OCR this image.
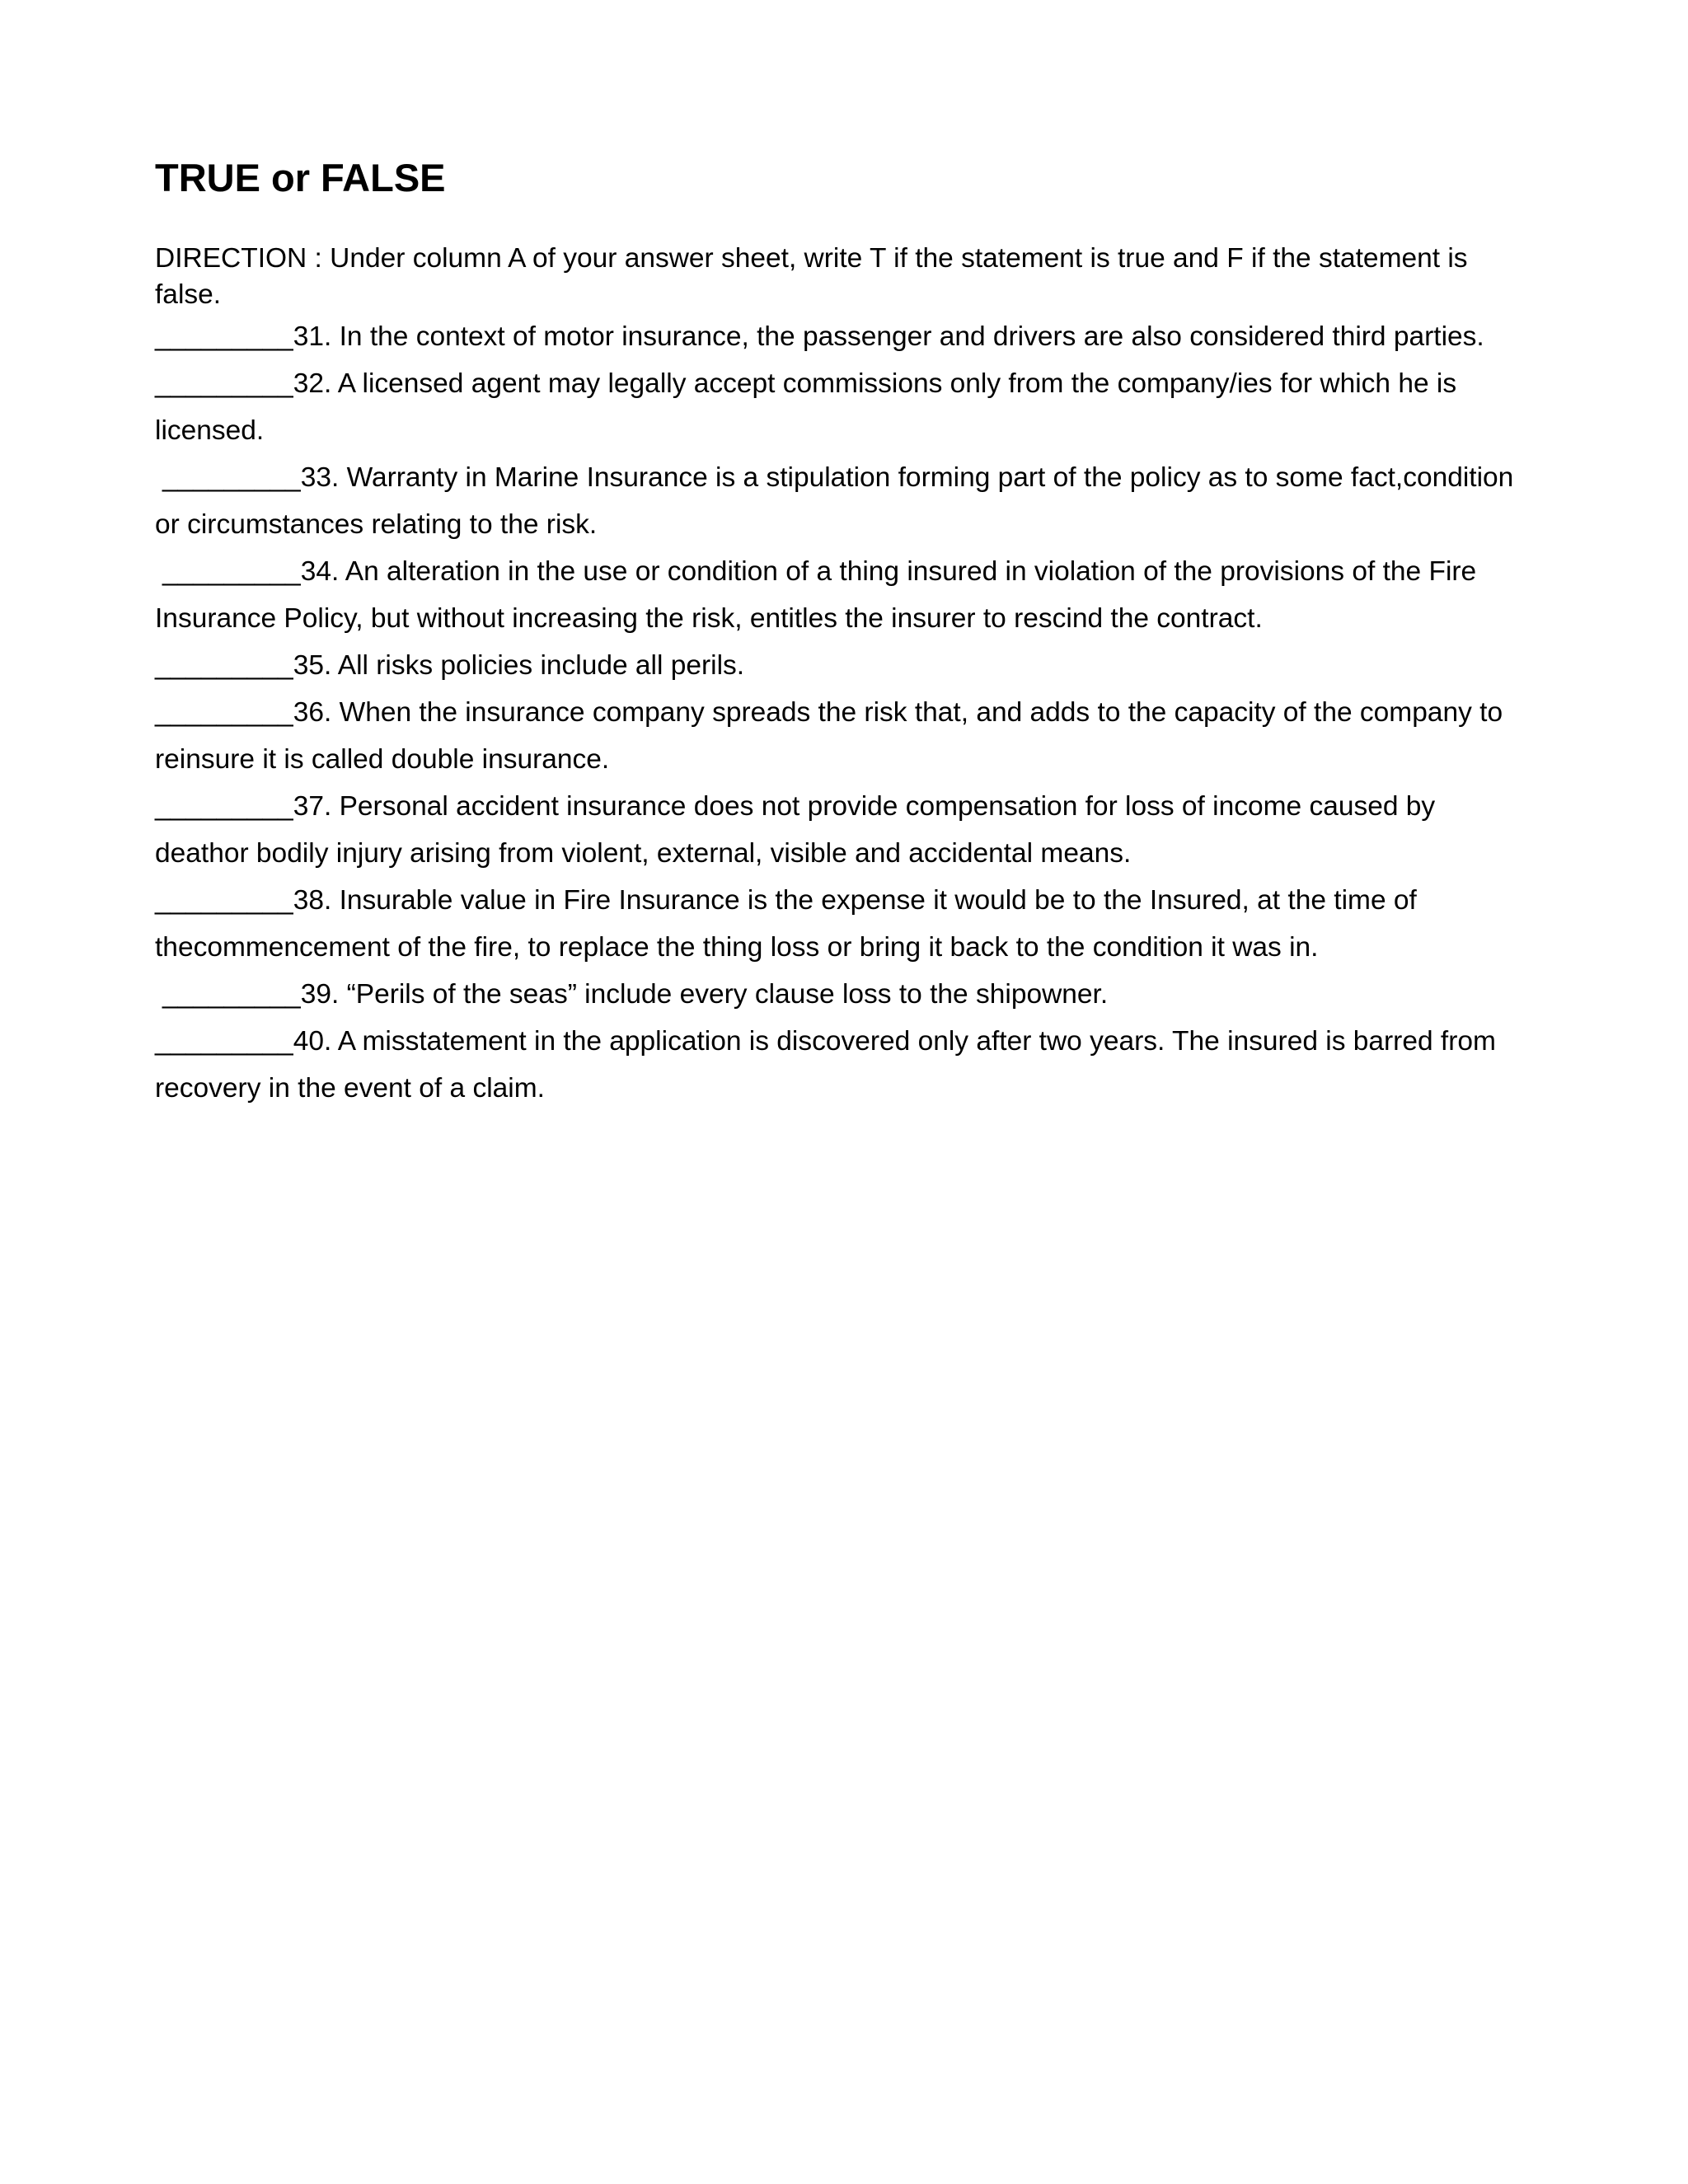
TRUE or FALSE

DIRECTION : Under column A of your answer sheet, write T if the statement is true and F if the statement is false.

_________31. In the context of motor insurance, the passenger and drivers are also considered third parties.

_________32. A licensed agent may legally accept commissions only from the company/ies for which he is licensed.

_________33. Warranty in Marine Insurance is a stipulation forming part of the policy as to some fact,condition or circumstances relating to the risk.

_________34. An alteration in the use or condition of a thing insured in violation of the provisions of the Fire Insurance Policy, but without increasing the risk, entitles the insurer to rescind the contract.

_________35. All risks policies include all perils.

_________36. When the insurance company spreads the risk that, and adds to the capacity of the company to reinsure it is called double insurance.

_________37. Personal accident insurance does not provide compensation for loss of income caused by deathor bodily injury arising from violent, external, visible and accidental means.

_________38. Insurable value in Fire Insurance is the expense it would be to the Insured, at the time of thecommencement of the fire, to replace the thing loss or bring it back to the condition it was in.

_________39. “Perils of the seas” include every clause loss to the shipowner.

_________40. A misstatement in the application is discovered only after two years. The insured is barred from recovery in the event of a claim.
